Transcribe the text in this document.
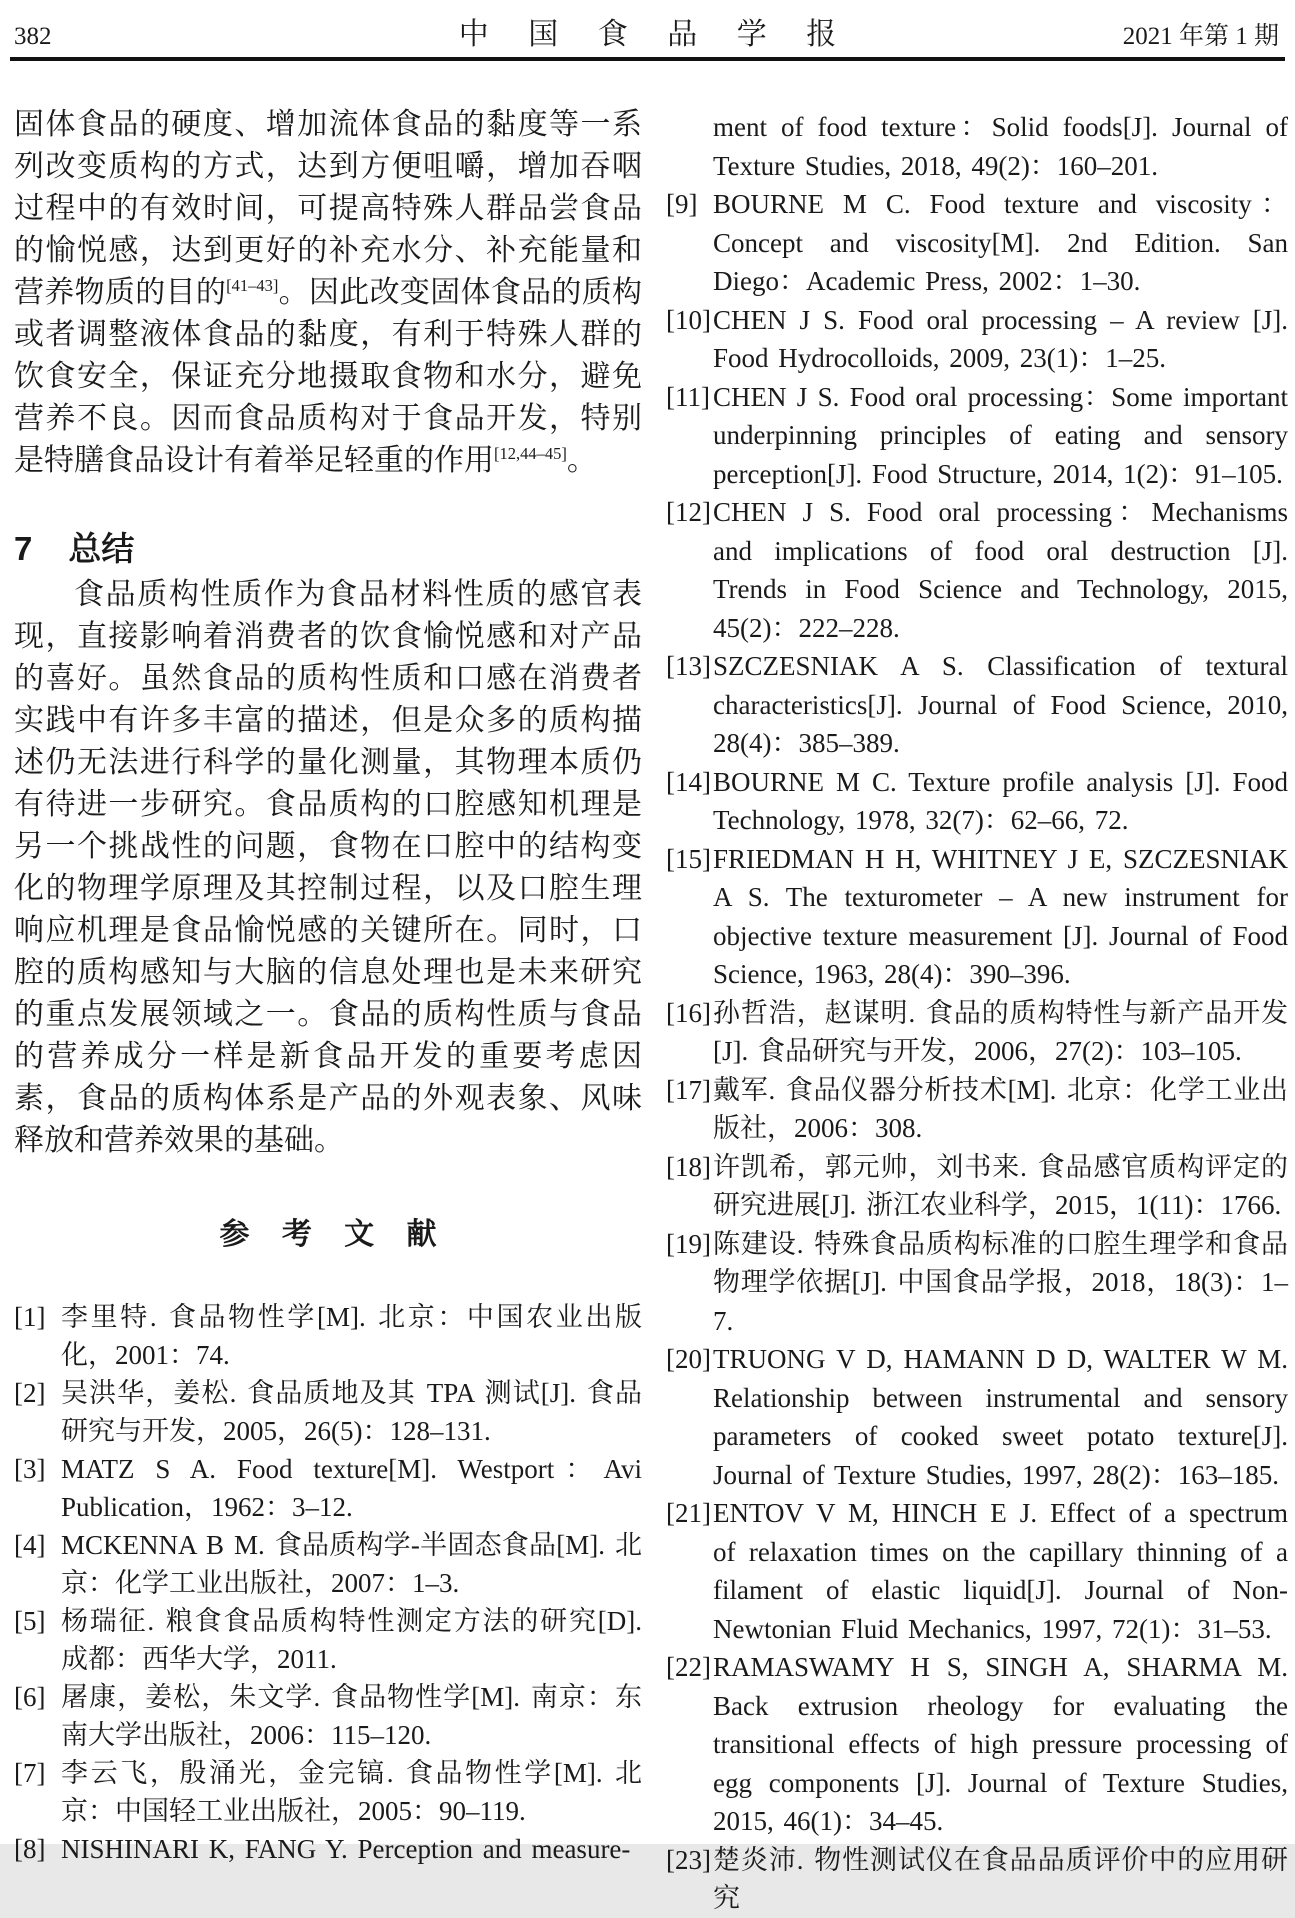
382	中 国 食 品 学 报	2021 年第 1 期

固体食品的硬度、增加流体食品的黏度等一系列改变质构的方式，达到方便咀嚼，增加吞咽过程中的有效时间，可提高特殊人群品尝食品的愉悦感，达到更好的补充水分、补充能量和营养物质的目的[41–43]。因此改变固体食品的质构或者调整液体食品的黏度，有利于特殊人群的饮食安全，保证充分地摄取食物和水分，避免营养不良。因而食品质构对于食品开发，特别是特膳食品设计有着举足轻重的作用[12,44–45]。

7 总结

食品质构性质作为食品材料性质的感官表现，直接影响着消费者的饮食愉悦感和对产品的喜好。虽然食品的质构性质和口感在消费者实践中有许多丰富的描述，但是众多的质构描述仍无法进行科学的量化测量，其物理本质仍有待进一步研究。食品质构的口腔感知机理是另一个挑战性的问题，食物在口腔中的结构变化的物理学原理及其控制过程，以及口腔生理响应机理是食品愉悦感的关键所在。同时，口腔的质构感知与大脑的信息处理也是未来研究的重点发展领域之一。食品的质构性质与食品的营养成分一样是新食品开发的重要考虑因素，食品的质构体系是产品的外观表象、风味释放和营养效果的基础。

参 考 文 献
[1] 李里特. 食品物性学[M]. 北京：中国农业出版化，2001：74.
[2] 吴洪华，姜松. 食品质地及其 TPA 测试[J]. 食品研究与开发，2005，26(5)：128–131.
[3] MATZ S A. Food texture[M]. Westport：Avi Publication，1962：3–12.
[4] MCKENNA B M. 食品质构学-半固态食品[M]. 北京：化学工业出版社，2007：1–3.
[5] 杨瑞征. 粮食食品质构特性测定方法的研究[D]. 成都：西华大学，2011.
[6] 屠康，姜松，朱文学. 食品物性学[M]. 南京：东南大学出版社，2006：115–120.
[7] 李云飞，殷涌光，金完镐. 食品物性学[M]. 北京：中国轻工业出版社，2005：90–119.
[8] NISHINARI K, FANG Y. Perception and measure-
ment of food texture：Solid foods[J]. Journal of Texture Studies, 2018, 49(2)：160–201.
[9] BOURNE M C. Food texture and viscosity：Concept and viscosity[M]. 2nd Edition. San Diego：Academic Press, 2002：1–30.
[10] CHEN J S. Food oral processing – A review [J]. Food Hydrocolloids, 2009, 23(1)：1–25.
[11] CHEN J S. Food oral processing：Some important underpinning principles of eating and sensory perception[J]. Food Structure, 2014, 1(2)：91–105.
[12] CHEN J S. Food oral processing：Mechanisms and implications of food oral destruction [J]. Trends in Food Science and Technology, 2015, 45(2)：222–228.
[13] SZCZESNIAK A S. Classification of textural characteristics[J]. Journal of Food Science, 2010, 28(4)：385–389.
[14] BOURNE M C. Texture profile analysis [J]. Food Technology, 1978, 32(7)：62–66, 72.
[15] FRIEDMAN H H, WHITNEY J E, SZCZESNIAK A S. The texturometer – A new instrument for objective texture measurement [J]. Journal of Food Science, 1963, 28(4)：390–396.
[16] 孙哲浩，赵谋明. 食品的质构特性与新产品开发[J]. 食品研究与开发，2006，27(2)：103–105.
[17] 戴军. 食品仪器分析技术[M]. 北京：化学工业出版社，2006：308.
[18] 许凯希，郭元帅，刘书来. 食品感官质构评定的研究进展[J]. 浙江农业科学，2015，1(11)：1766.
[19] 陈建设. 特殊食品质构标准的口腔生理学和食品物理学依据[J]. 中国食品学报，2018，18(3)：1–7.
[20] TRUONG V D, HAMANN D D, WALTER W M. Relationship between instrumental and sensory parameters of cooked sweet potato texture[J]. Journal of Texture Studies, 1997, 28(2)：163–185.
[21] ENTOV V M, HINCH E J. Effect of a spectrum of relaxation times on the capillary thinning of a filament of elastic liquid[J]. Journal of Non-Newtonian Fluid Mechanics, 1997, 72(1)：31–53.
[22] RAMASWAMY H S, SINGH A, SHARMA M. Back extrusion rheology for evaluating the transitional effects of high pressure processing of egg components [J]. Journal of Texture Studies, 2015, 46(1)：34–45.
[23] 楚炎沛. 物性测试仪在食品品质评价中的应用研究
